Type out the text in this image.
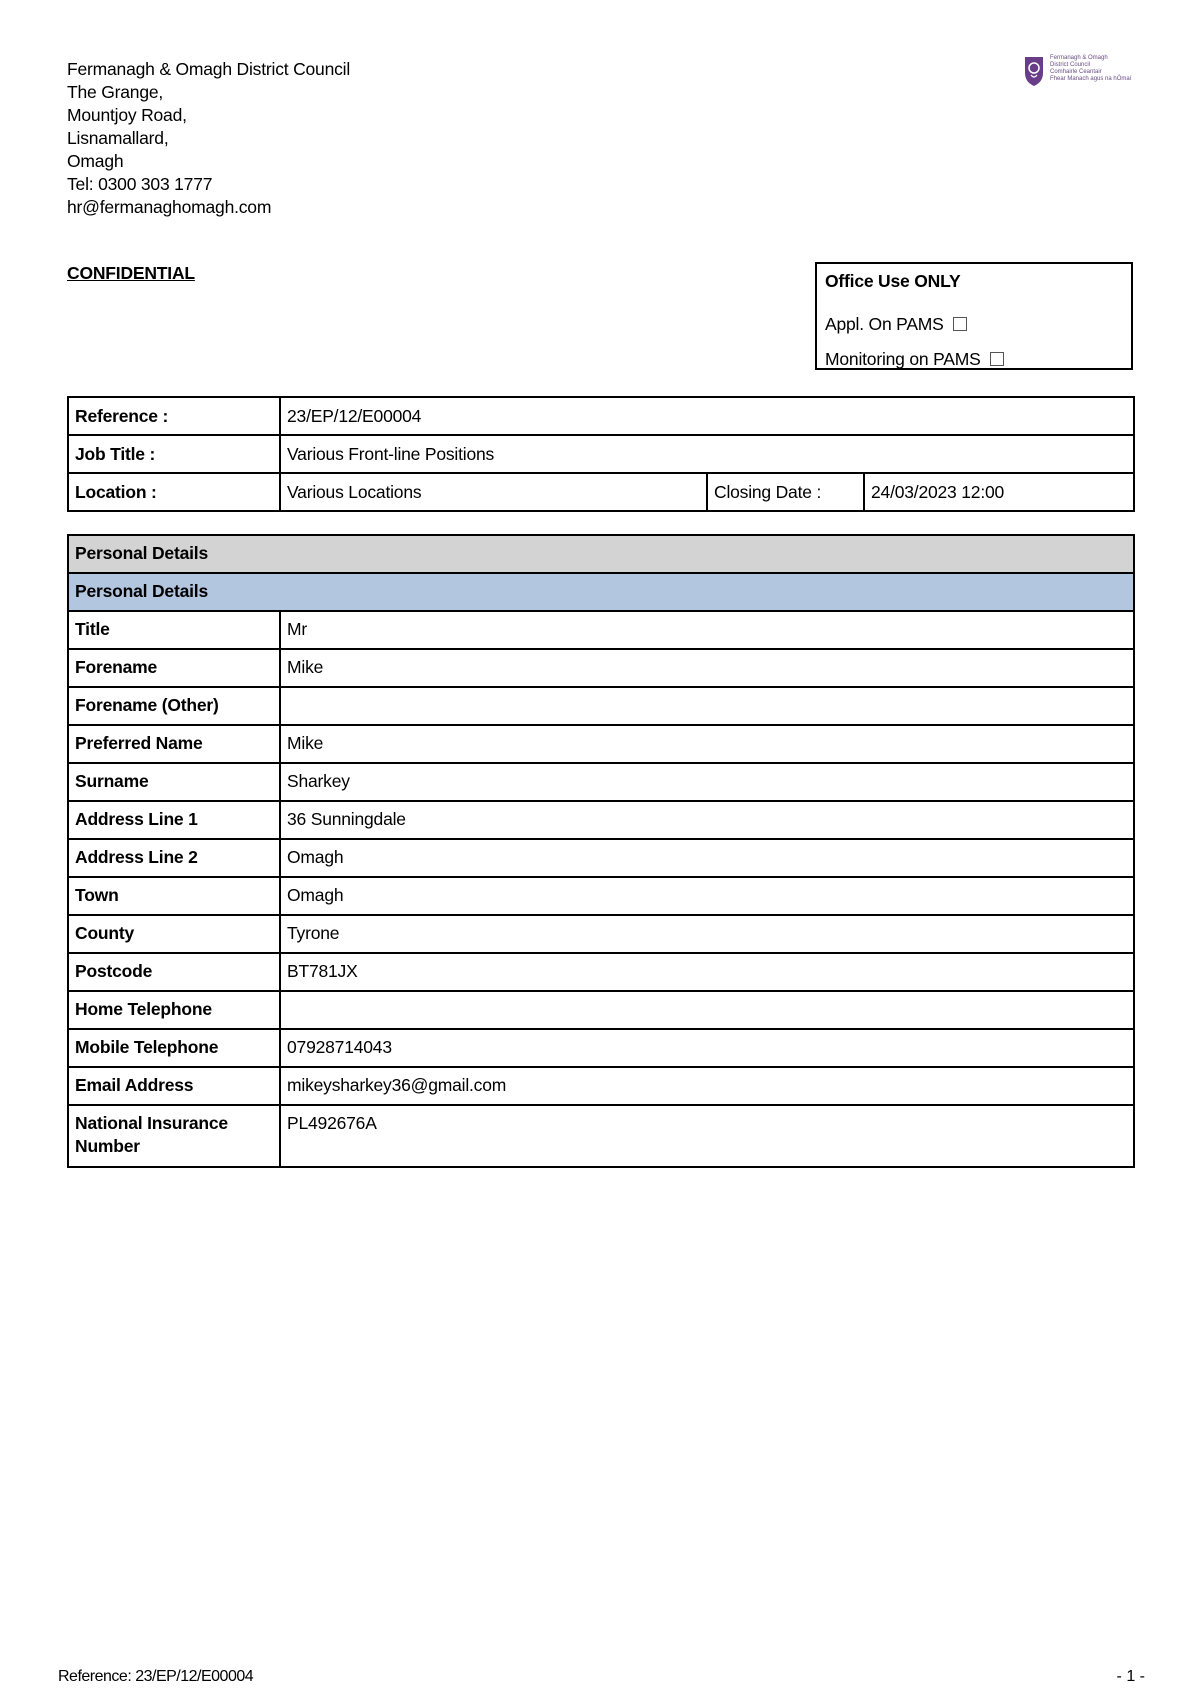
Fermanagh & Omagh District Council
The Grange,
Mountjoy Road,
Lisnamallard,
Omagh
Tel: 0300 303 1777
hr@fermanaghomagh.com
Fermanagh & Omagh
District Council
Comhairle Ceantair
Fhear Manach agus na hÓmaí
CONFIDENTIAL	Office Use ONLY
Appl. On PAMS
Monitoring on PAMS
Reference :	23/EP/12/E00004		
Job Title :	Various Front-line Positions		
Location :	Various Locations	Closing Date :	24/03/2023 12:00
Personal Details	
Personal Details	
Title	Mr
Forename	Mike
Forename (Other)	
Preferred Name	Mike
Surname	Sharkey
Address Line 1	36 Sunningdale
Address Line 2	Omagh
Town	Omagh
County	Tyrone
Postcode	BT781JX
Home Telephone	
Mobile Telephone	07928714043
Email Address	mikeysharkey36@gmail.com
National Insurance Number	PL492676A
Reference: 23/EP/12/E00004	- 1 -
